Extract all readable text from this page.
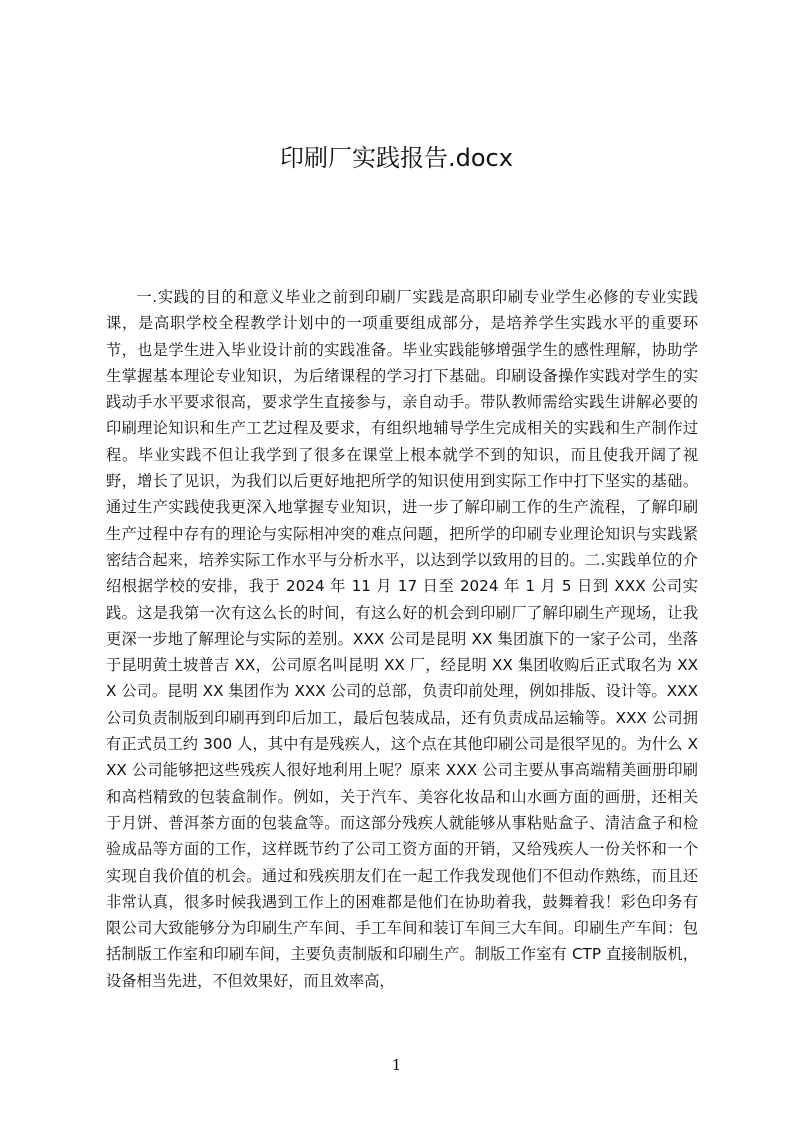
印刷厂实践报告.docx

一.实践的目的和意义毕业之前到印刷厂实践是高职印刷专业学生必修的专业实践课，是高职学校全程教学计划中的一项重要组成部分，是培养学生实践水平的重要环节，也是学生进入毕业设计前的实践准备。毕业实践能够增强学生的感性理解，协助学生掌握基本理论专业知识，为后绪课程的学习打下基础。印刷设备操作实践对学生的实践动手水平要求很高，要求学生直接参与，亲自动手。带队教师需给实践生讲解必要的印刷理论知识和生产工艺过程及要求，有组织地辅导学生完成相关的实践和生产制作过程。毕业实践不但让我学到了很多在课堂上根本就学不到的知识，而且使我开阔了视野，增长了见识，为我们以后更好地把所学的知识使用到实际工作中打下坚实的基础。通过生产实践使我更深入地掌握专业知识，进一步了解印刷工作的生产流程，了解印刷生产过程中存有的理论与实际相冲突的难点问题，把所学的印刷专业理论知识与实践紧密结合起来，培养实际工作水平与分析水平，以达到学以致用的目的。二.实践单位的介绍根据学校的安排，我于 2024 年 11 月 17 日至 2024 年 1 月 5 日到 XXX 公司实践。这是我第一次有这么长的时间，有这么好的机会到印刷厂了解印刷生产现场，让我更深一步地了解理论与实际的差别。XXX 公司是昆明 XX 集团旗下的一家子公司，坐落于昆明黄土坡普吉 XX，公司原名叫昆明 XX 厂，经昆明 XX 集团收购后正式取名为 XXX 公司。昆明 XX 集团作为 XXX 公司的总部，负责印前处理，例如排版、设计等。XXX 公司负责制版到印刷再到印后加工，最后包装成品，还有负责成品运输等。XXX 公司拥有正式员工约 300 人，其中有是残疾人，这个点在其他印刷公司是很罕见的。为什么 XXX 公司能够把这些残疾人很好地利用上呢？原来 XXX 公司主要从事高端精美画册印刷和高档精致的包装盒制作。例如，关于汽车、美容化妆品和山水画方面的画册，还相关于月饼、普洱茶方面的包装盒等。而这部分残疾人就能够从事粘贴盒子、清洁盒子和检验成品等方面的工作，这样既节约了公司工资方面的开销，又给残疾人一份关怀和一个实现自我价值的机会。通过和残疾朋友们在一起工作我发现他们不但动作熟练，而且还非常认真，很多时候我遇到工作上的困难都是他们在协助着我，鼓舞着我！彩色印务有限公司大致能够分为印刷生产车间、手工车间和装订车间三大车间。印刷生产车间：包括制版工作室和印刷车间，主要负责制版和印刷生产。制版工作室有 CTP 直接制版机，设备相当先进，不但效果好，而且效率高，

1
